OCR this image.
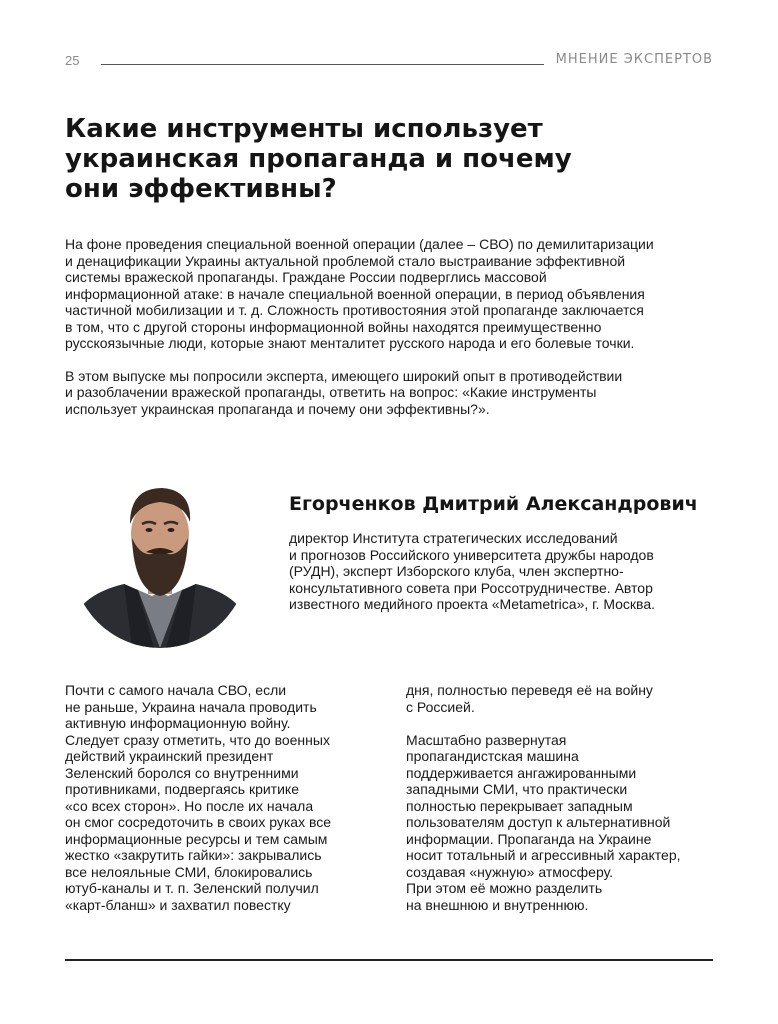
25	МНЕНИЕ ЭКСПЕРТОВ
Какие инструменты использует
украинская пропаганда и почему
они эффективны?

На фоне проведения специальной военной операции (далее – СВО) по демилитаризации
и денацификации Украины актуальной проблемой стало выстраивание эффективной
системы вражеской пропаганды. Граждане России подверглись массовой
информационной атаке: в начале специальной военной операции, в период объявления
частичной мобилизации и т. д. Сложность противостояния этой пропаганде заключается
в том, что с другой стороны информационной войны находятся преимущественно
русскоязычные люди, которые знают менталитет русского народа и его болевые точки.

В этом выпуске мы попросили эксперта, имеющего широкий опыт в противодействии
и разоблачении вражеской пропаганды, ответить на вопрос: «Какие инструменты
использует украинская пропаганда и почему они эффективны?».

Егорченков Дмитрий Александрович
директор Института стратегических исследований
и прогнозов Российского университета дружбы народов
(РУДН), эксперт Изборского клуба, член экспертно-
консультативного совета при Россотрудничестве. Автор
известного медийного проекта «Metametrica», г. Москва.
Почти с самого начала СВО, если
не раньше, Украина начала проводить
активную информационную войну.
Следует сразу отметить, что до военных
действий украинский президент
Зеленский боролся со внутренними
противниками, подвергаясь критике
«со всех сторон». Но после их начала
он смог сосредоточить в своих руках все
информационные ресурсы и тем самым
жестко «закрутить гайки»: закрывались
все нелояльные СМИ, блокировались
ютуб-каналы и т. п. Зеленский получил
«карт-бланш» и захватил повестку
дня, полностью переведя её на войну
с Россией.
Масштабно развернутая
пропагандистская машина
поддерживается ангажированными
западными СМИ, что практически
полностью перекрывает западным
пользователям доступ к альтернативной
информации. Пропаганда на Украине
носит тотальный и агрессивный характер,
создавая «нужную» атмосферу.
При этом её можно разделить
на внешнюю и внутреннюю.
